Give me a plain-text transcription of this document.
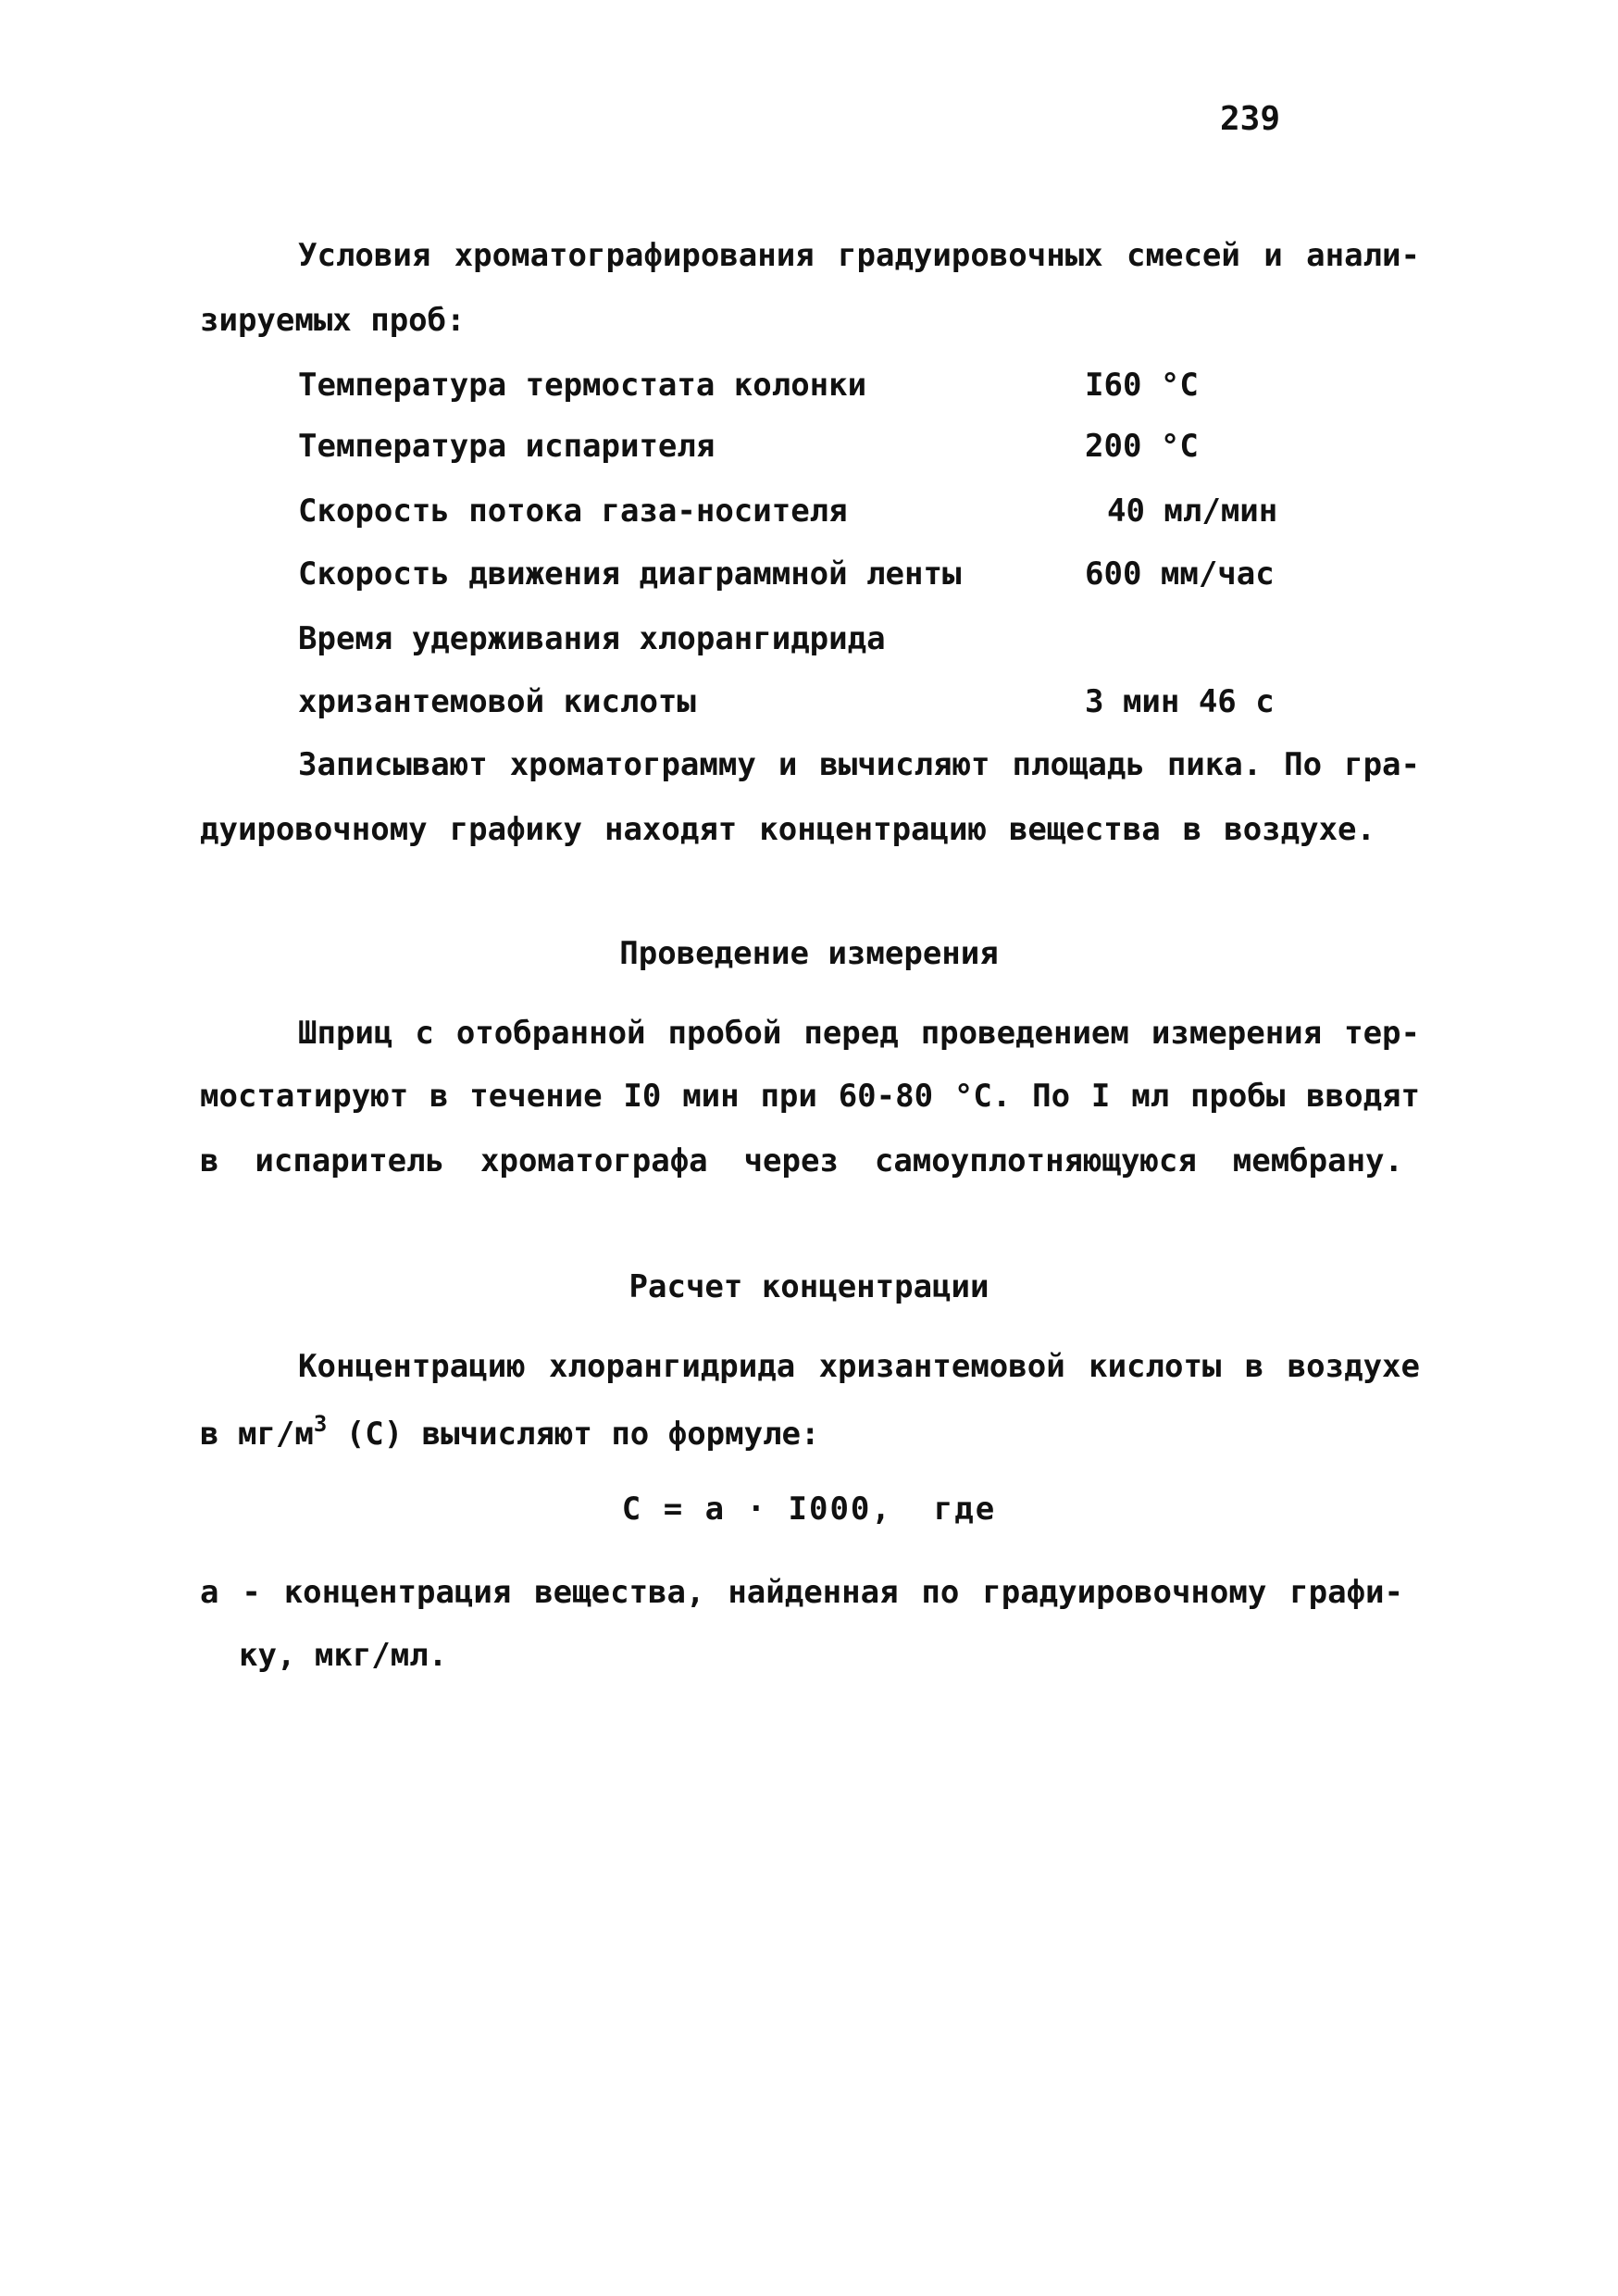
239
Условия хроматографирования градуировочных смесей и анали-
зируемых проб:
Температура термостата колонки	I60 °C
Температура испарителя	200 °C
Скорость потока газа-носителя	40 мл/мин
Скорость движения диаграммной ленты	600 мм/час
Время удерживания хлорангидрида
хризантемовой кислоты	3 мин 46 с
Записывают хроматограмму и вычисляют площадь пика. По гра-
дуировочному графику находят концентрацию вещества в воздухе.
Проведение измерения
Шприц с отобранной пробой перед проведением измерения тер-
мостатируют в течение I0 мин при 60-80 °C. По I мл пробы вводят
в испаритель хроматографа через самоуплотняющуюся мембрану.
Расчет концентрации
Концентрацию хлорангидрида хризантемовой кислоты в воздухе
в $мг/м^3$ (С) вычисляют по формуле:
С = а · I000,  где
а - концентрация вещества, найденная по градуировочному графи-
ку, мкг/мл.
